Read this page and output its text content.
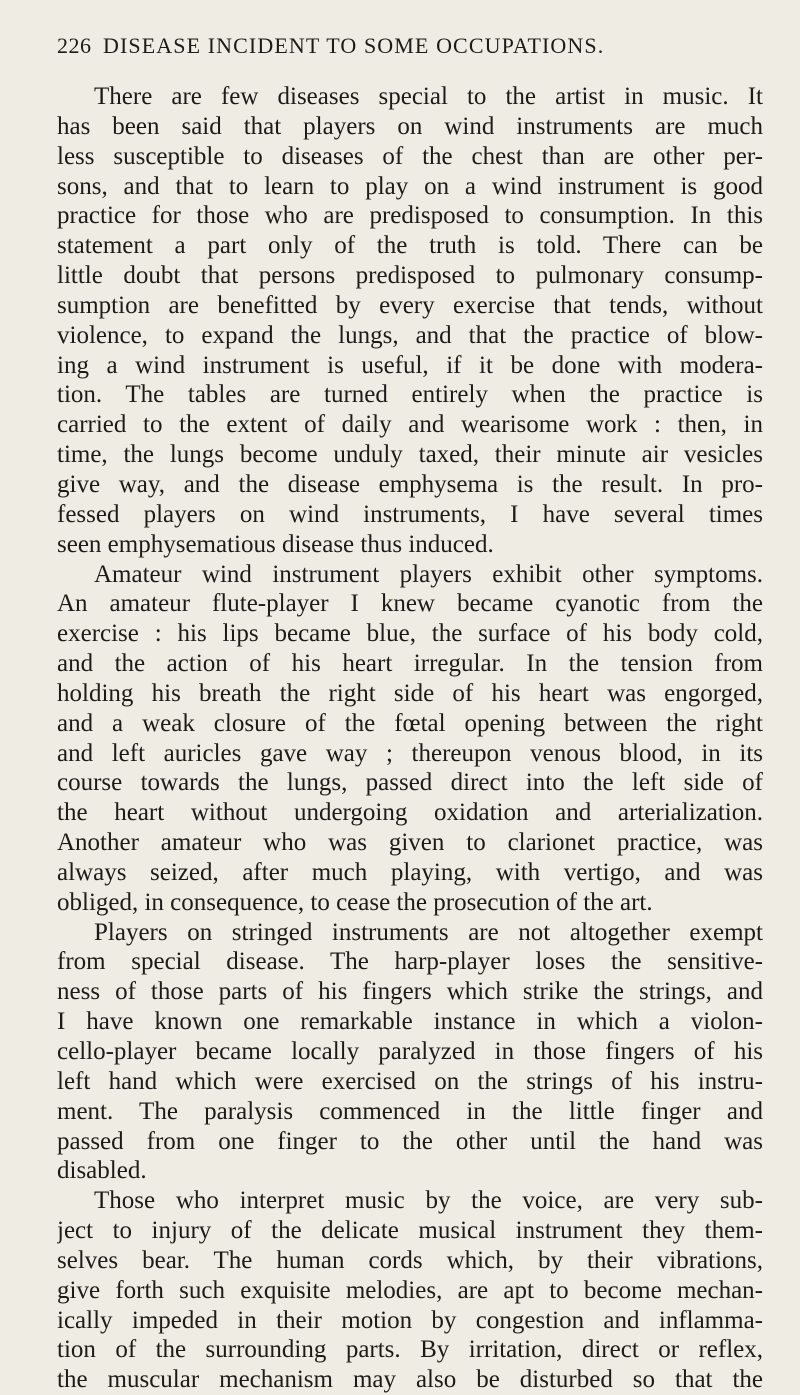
226 DISEASE INCIDENT TO SOME OCCUPATIONS.
There are few diseases special to the artist in music. It
has been said that players on wind instruments are much
less susceptible to diseases of the chest than are other per-
sons, and that to learn to play on a wind instrument is good
practice for those who are predisposed to consumption. In this
statement a part only of the truth is told. There can be
little doubt that persons predisposed to pulmonary consump-
sumption are benefitted by every exercise that tends, without
violence, to expand the lungs, and that the practice of blow-
ing a wind instrument is useful, if it be done with modera-
tion. The tables are turned entirely when the practice is
carried to the extent of daily and wearisome work : then, in
time, the lungs become unduly taxed, their minute air vesicles
give way, and the disease emphysema is the result. In pro-
fessed players on wind instruments, I have several times
seen emphysematious disease thus induced.
Amateur wind instrument players exhibit other symptoms.
An amateur flute-player I knew became cyanotic from the
exercise : his lips became blue, the surface of his body cold,
and the action of his heart irregular. In the tension from
holding his breath the right side of his heart was engorged,
and a weak closure of the fœtal opening between the right
and left auricles gave way ; thereupon venous blood, in its
course towards the lungs, passed direct into the left side of
the heart without undergoing oxidation and arterialization.
Another amateur who was given to clarionet practice, was
always seized, after much playing, with vertigo, and was
obliged, in consequence, to cease the prosecution of the art.
Players on stringed instruments are not altogether exempt
from special disease. The harp-player loses the sensitive-
ness of those parts of his fingers which strike the strings, and
I have known one remarkable instance in which a violon-
cello-player became locally paralyzed in those fingers of his
left hand which were exercised on the strings of his instru-
ment. The paralysis commenced in the little finger and
passed from one finger to the other until the hand was
disabled.
Those who interpret music by the voice, are very sub-
ject to injury of the delicate musical instrument they them-
selves bear. The human cords which, by their vibrations,
give forth such exquisite melodies, are apt to become mechan-
ically impeded in their motion by congestion and inflamma-
tion of the surrounding parts. By irritation, direct or reflex,
the muscular mechanism may also be disturbed so that the
